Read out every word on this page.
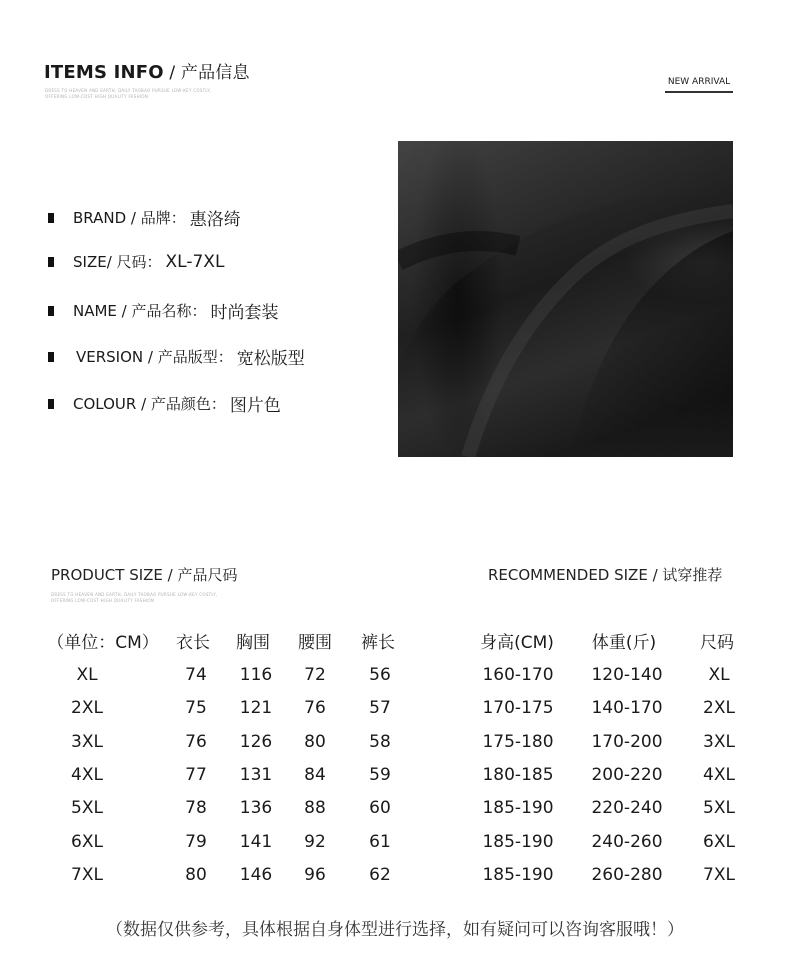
ITEMS INFO / 产品信息
DRESS TO HEAVEN AND EARTH, DAILY TAOBAO PURSUE LOW-KEY COSTLY,
OFFERING LOW-COST HIGH QUALITY FASHION
NEW ARRIVAL
BRAND / 品牌： 惠洛绮
SIZE/ 尺码： XL-7XL
NAME / 产品名称： 时尚套装
VERSION / 产品版型： 宽松版型
COLOUR / 产品颜色： 图片色
PRODUCT SIZE / 产品尺码
DRESS TO HEAVEN AND EARTH, DAILY TAOBAO PURSUE LOW-KEY COSTLY,
OFFERING LOW-COST HIGH QUALITY FASHION
RECOMMENDED SIZE / 试穿推荐
（单位：CM） 衣长 胸围 腰围 裤长
XL	74 116 72	56
2XL	75 121 76	57
3XL	76 126 80	58
4XL	77 131 84	59
5XL	78 136 88	60
6XL	79 141 92	61
7XL	80 146 96	62
身高(CM) 体重(斤)	尺码
160-170 120-140	XL
170-175 140-170 2XL
175-180 170-200 3XL
180-185 200-220 4XL
185-190 220-240 5XL
185-190 240-260 6XL
185-190 260-280 7XL
（数据仅供参考，具体根据自身体型进行选择，如有疑问可以咨询客服哦！）
